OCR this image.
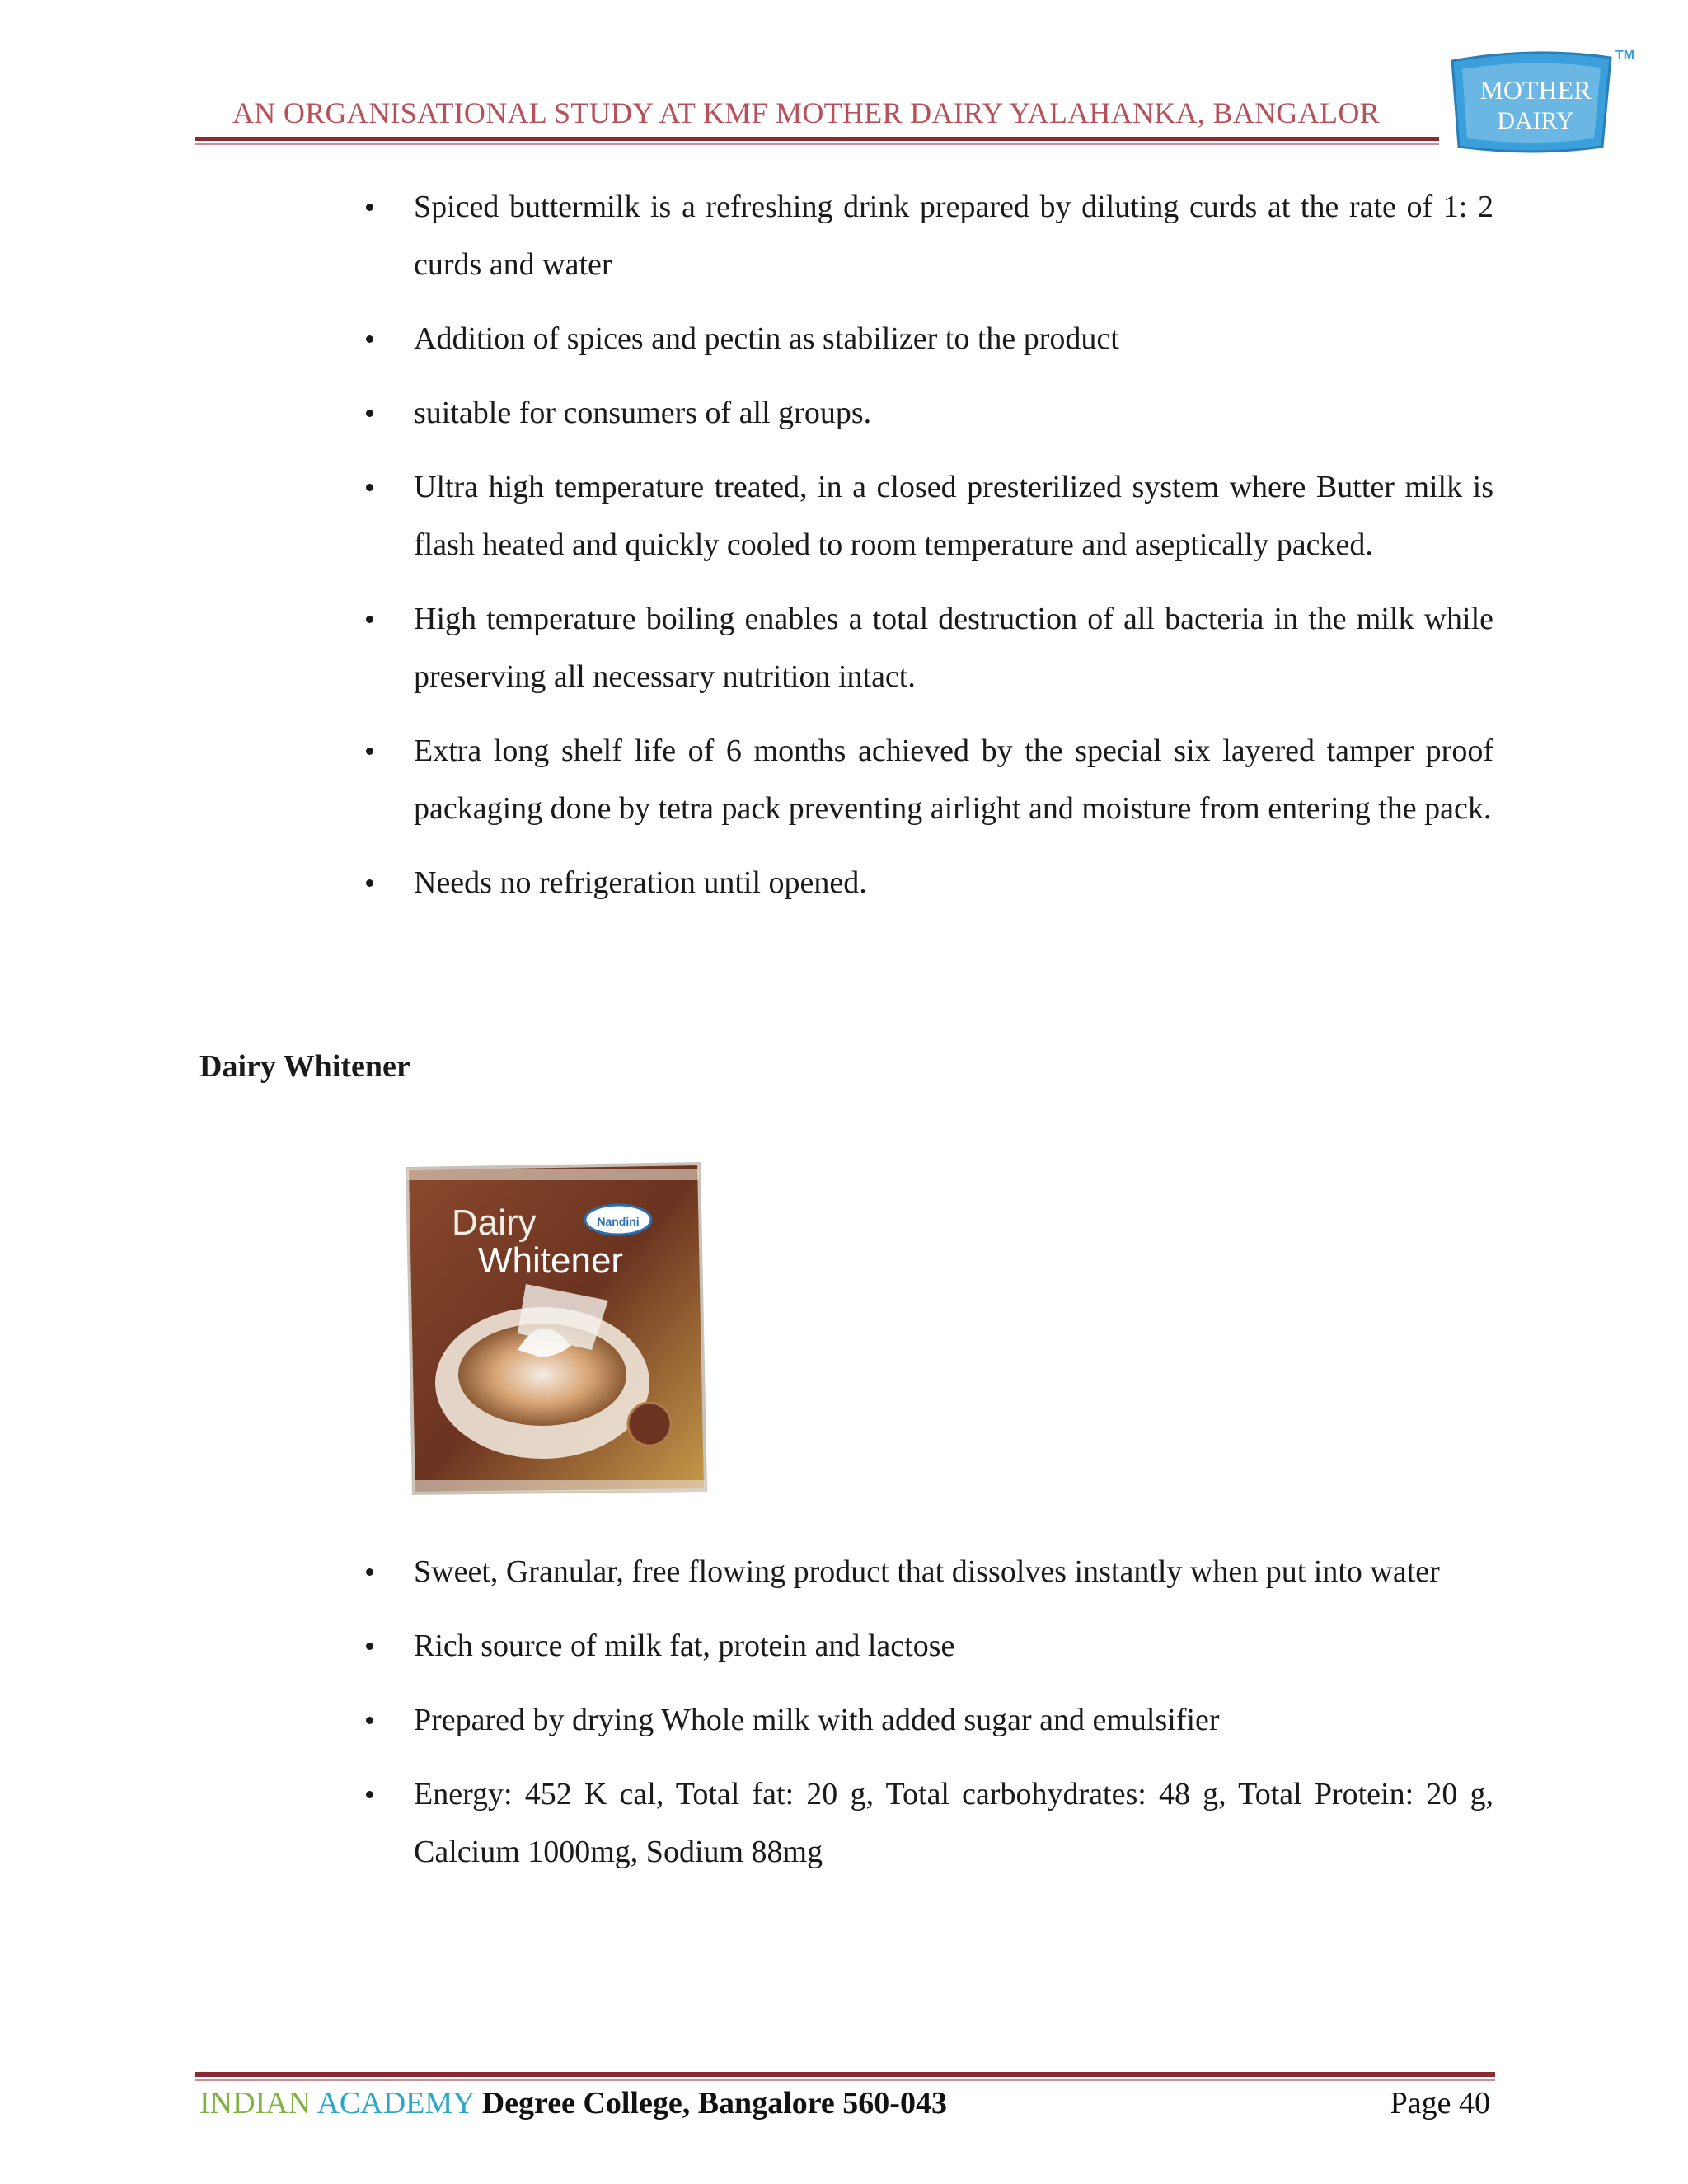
AN ORGANISATIONAL STUDY AT KMF MOTHER DAIRY YALAHANKA, BANGALOR
TM
MOTHER
DAIRY
Spiced buttermilk is a refreshing drink prepared by diluting curds at the rate of 1: 2 curds and water
Addition of spices and pectin as stabilizer to the product
suitable for consumers of all groups.
Ultra high temperature treated, in a closed presterilized system where Butter milk is flash heated and quickly cooled to room temperature and aseptically packed.
High temperature boiling enables a total destruction of all bacteria in the milk while preserving all necessary nutrition intact.
Extra long shelf life of 6 months achieved by the special six layered tamper proof packaging done by tetra pack preventing airlight and moisture from entering the pack.
Needs no refrigeration until opened.
Dairy Whitener
Dairy
Whitener
Nandini
Sweet, Granular, free flowing product that dissolves instantly when put into water
Rich source of milk fat, protein and lactose
Prepared by drying Whole milk with added sugar and emulsifier
Energy: 452 K cal, Total fat: 20 g, Total carbohydrates: 48 g, Total Protein: 20 g, Calcium 1000mg, Sodium 88mg
INDIAN ACADEMY Degree College, Bangalore 560-043	Page 40
